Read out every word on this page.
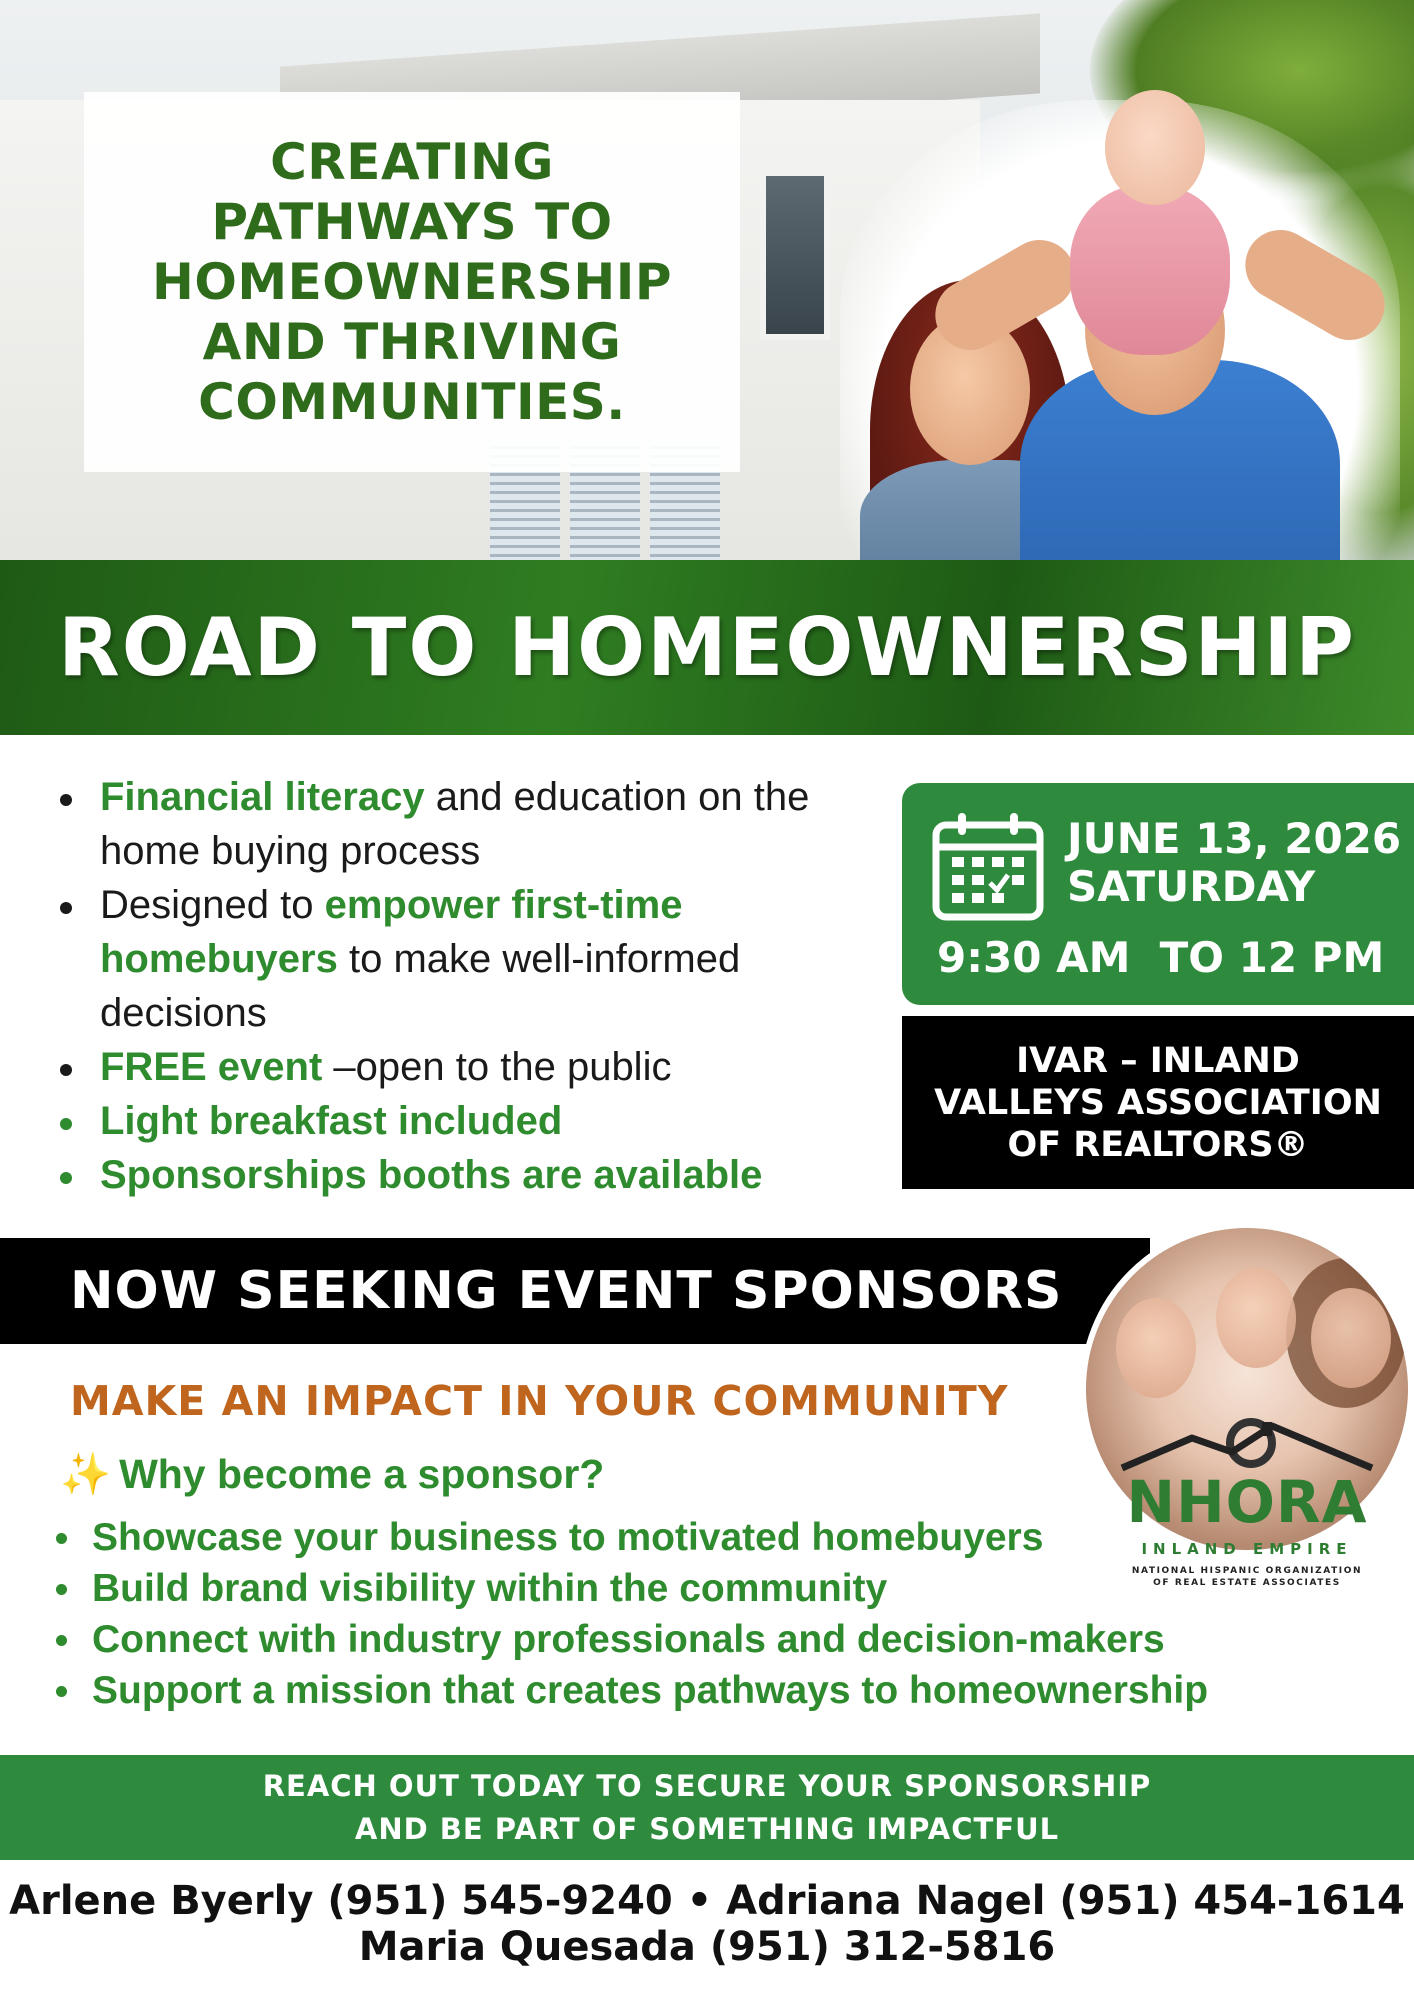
CREATING PATHWAYS TO HOMEOWNERSHIP AND THRIVING COMMUNITIES.
ROAD TO HOMEOWNERSHIP
Financial literacy and education on the home buying process
Designed to empower first-time homebuyers to make well-informed decisions
FREE event –open to the public
Light breakfast included
Sponsorships booths are available
JUNE 13, 2026
SATURDAY
9:30 AM  TO 12 PM
IVAR – INLAND VALLEYS ASSOCIATION OF REALTORS®
NOW SEEKING EVENT SPONSORS
NHORA
INLAND EMPIRE
NATIONAL HISPANIC ORGANIZATION
OF REAL ESTATE ASSOCIATES
MAKE AN IMPACT IN YOUR COMMUNITY
✨ Why become a sponsor?
Showcase your business to motivated homebuyers
Build brand visibility within the community
Connect with industry professionals and decision-makers
Support a mission that creates pathways to homeownership
REACH OUT TODAY TO SECURE YOUR SPONSORSHIP
AND BE PART OF SOMETHING IMPACTFUL
Arlene Byerly (951) 545-9240 • Adriana Nagel (951) 454-1614
Maria Quesada (951) 312-5816
